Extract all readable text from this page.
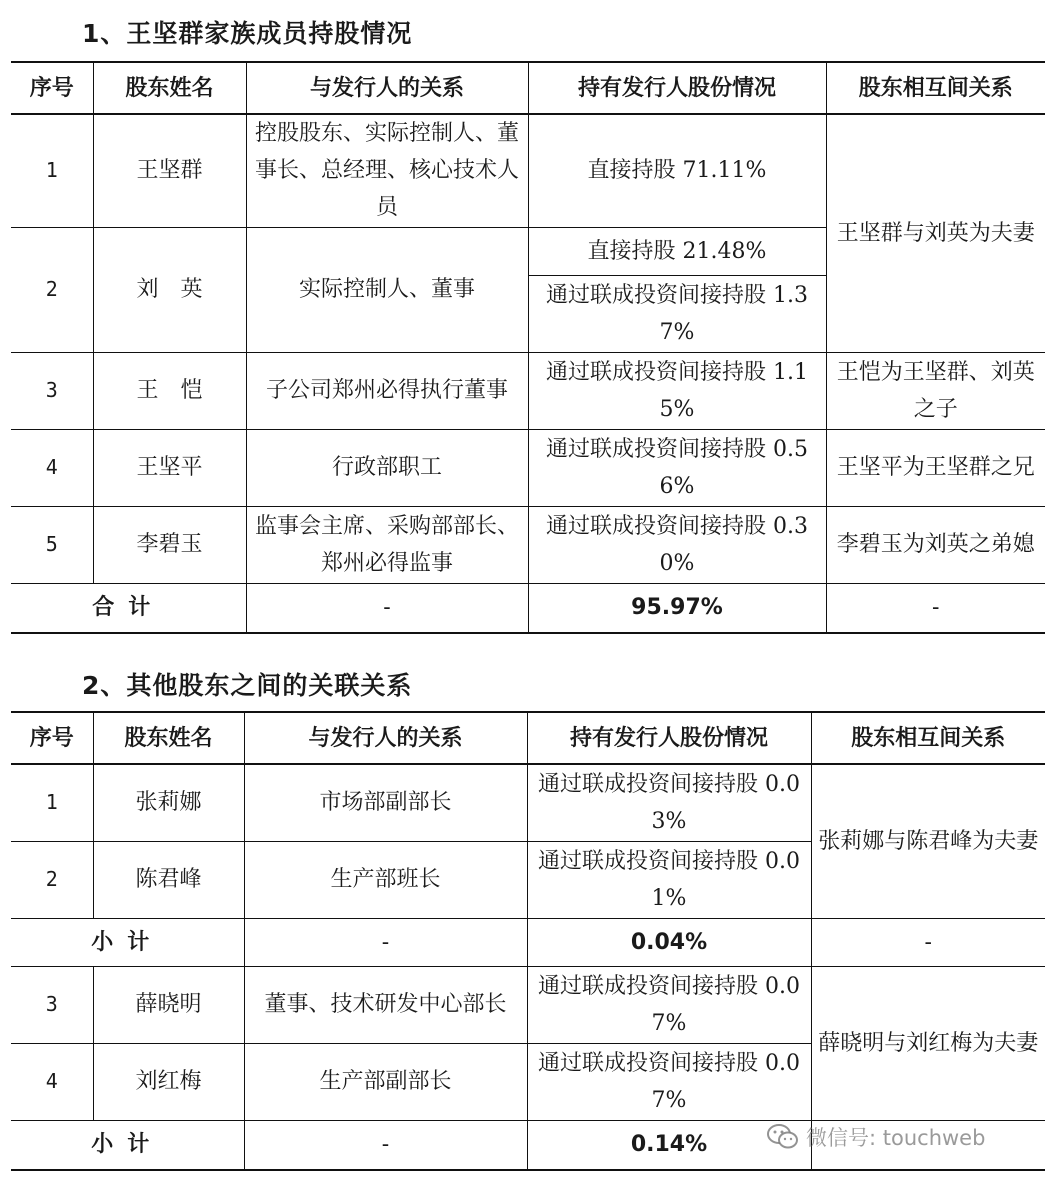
1、王坚群家族成员持股情况
序号	股东姓名	与发行人的关系	持有发行人股份情况	股东相互间关系
1	王坚群	控股股东、实际控制人、董事长、总经理、核心技术人员	直接持股 71.11%	王坚群与刘英为夫妻
2	刘　英	实际控制人、董事	直接持股 21.48%	
			通过联成投资间接持股 1.37%	
3	王　恺	子公司郑州必得执行董事	通过联成投资间接持股 1.15%	王恺为王坚群、刘英之子
4	王坚平	行政部职工	通过联成投资间接持股 0.56%	王坚平为王坚群之兄
5	李碧玉	监事会主席、采购部部长、郑州必得监事	通过联成投资间接持股 0.30%	李碧玉为刘英之弟媳
合计		-	95.97%	-
2、其他股东之间的关联关系
序号	股东姓名	与发行人的关系	持有发行人股份情况	股东相互间关系
1	张莉娜	市场部副部长	通过联成投资间接持股 0.03%	张莉娜与陈君峰为夫妻
2	陈君峰	生产部班长	通过联成投资间接持股 0.01%	
小计		-	0.04%	-
3	薛晓明	董事、技术研发中心部长	通过联成投资间接持股 0.07%	薛晓明与刘红梅为夫妻
4	刘红梅	生产部副部长	通过联成投资间接持股 0.07%	
小计		-	0.14%		微信号: touchweb
